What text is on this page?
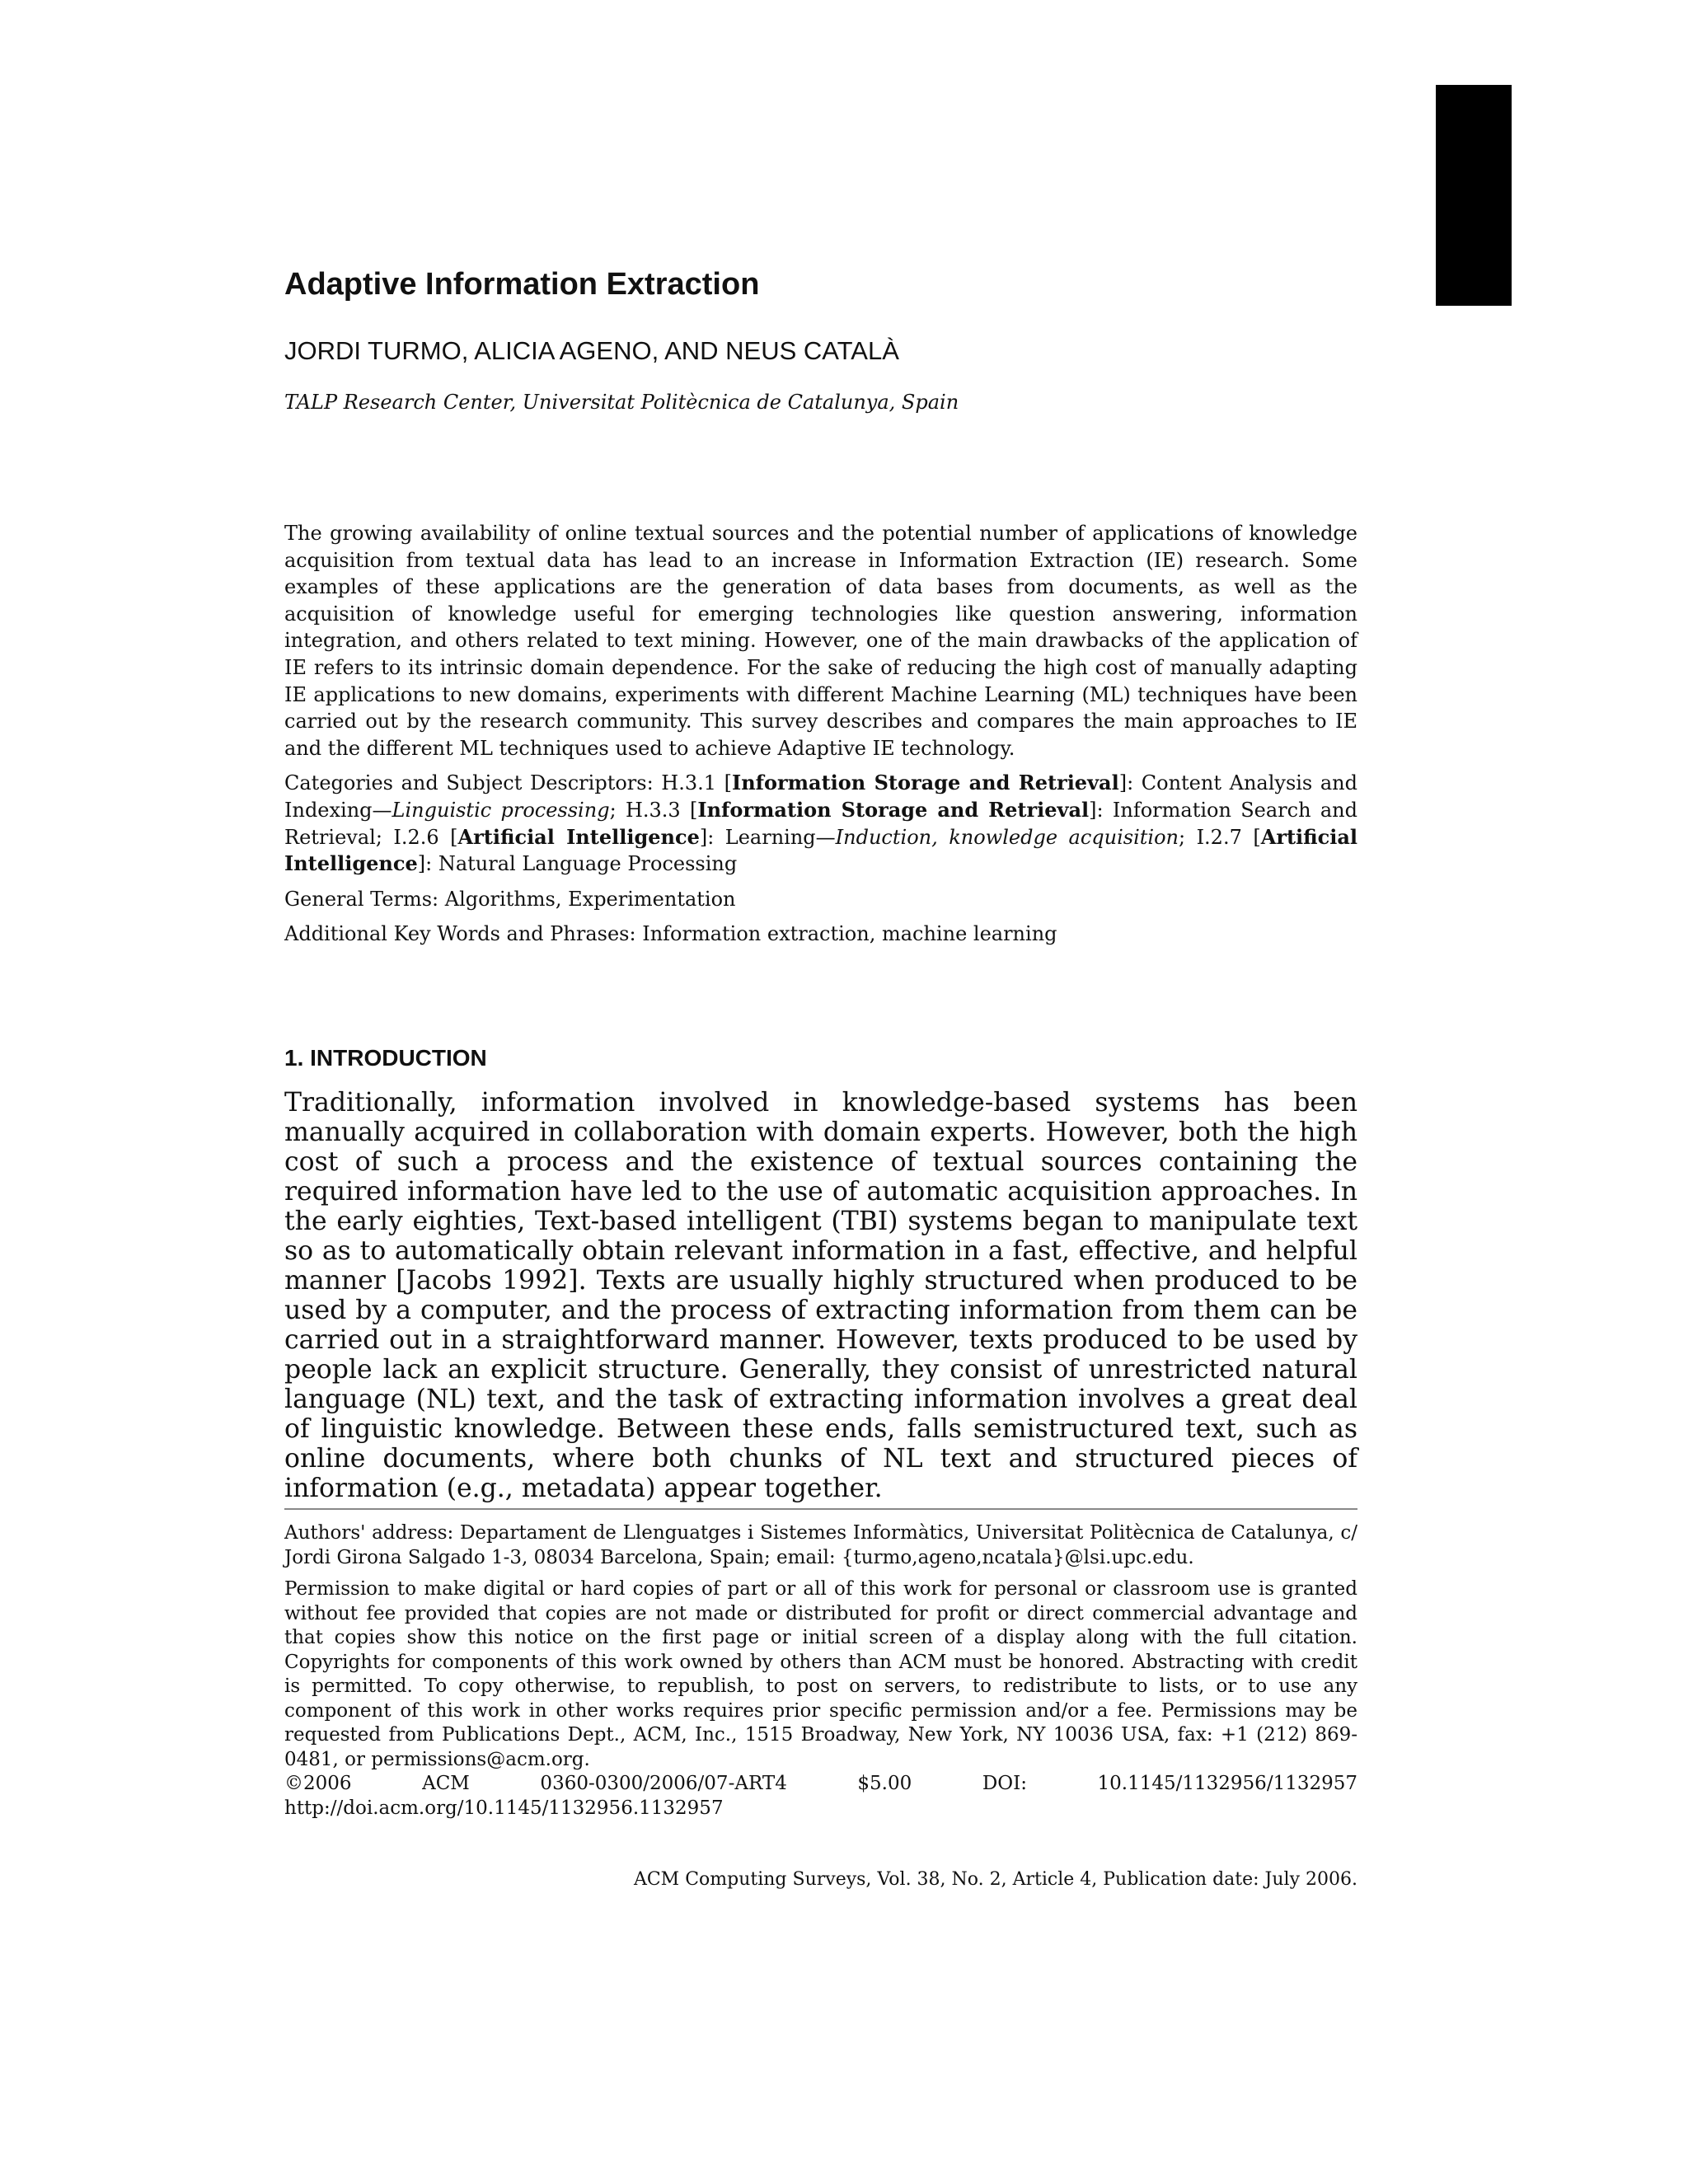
Adaptive Information Extraction
JORDI TURMO, ALICIA AGENO, AND NEUS CATALÀ
TALP Research Center, Universitat Politècnica de Catalunya, Spain

The growing availability of online textual sources and the potential number of applications of knowledge acquisition from textual data has lead to an increase in Information Extraction (IE) research. Some examples of these applications are the generation of data bases from documents, as well as the acquisition of knowledge useful for emerging technologies like question answering, information integration, and others related to text mining. However, one of the main drawbacks of the application of IE refers to its intrinsic domain dependence. For the sake of reducing the high cost of manually adapting IE applications to new domains, experiments with different Machine Learning (ML) techniques have been carried out by the research community. This survey describes and compares the main approaches to IE and the different ML techniques used to achieve Adaptive IE technology.

Categories and Subject Descriptors: H.3.1 [Information Storage and Retrieval]: Content Analysis and Indexing—Linguistic processing; H.3.3 [Information Storage and Retrieval]: Information Search and Retrieval; I.2.6 [Artificial Intelligence]: Learning—Induction, knowledge acquisition; I.2.7 [Artificial Intelligence]: Natural Language Processing

General Terms: Algorithms, Experimentation

Additional Key Words and Phrases: Information extraction, machine learning

1. INTRODUCTION

Traditionally, information involved in knowledge-based systems has been manually acquired in collaboration with domain experts. However, both the high cost of such a process and the existence of textual sources containing the required information have led to the use of automatic acquisition approaches. In the early eighties, Text-based intelligent (TBI) systems began to manipulate text so as to automatically obtain relevant information in a fast, effective, and helpful manner [Jacobs 1992]. Texts are usually highly structured when produced to be used by a computer, and the process of extracting information from them can be carried out in a straightforward manner. However, texts produced to be used by people lack an explicit structure. Generally, they consist of unrestricted natural language (NL) text, and the task of extracting information involves a great deal of linguistic knowledge. Between these ends, falls semistructured text, such as online documents, where both chunks of NL text and structured pieces of information (e.g., metadata) appear together.

Authors' address: Departament de Llenguatges i Sistemes Informàtics, Universitat Politècnica de Catalunya, c/ Jordi Girona Salgado 1-3, 08034 Barcelona, Spain; email: {turmo,ageno,ncatala}@lsi.upc.edu.

Permission to make digital or hard copies of part or all of this work for personal or classroom use is granted without fee provided that copies are not made or distributed for profit or direct commercial advantage and that copies show this notice on the first page or initial screen of a display along with the full citation. Copyrights for components of this work owned by others than ACM must be honored. Abstracting with credit is permitted. To copy otherwise, to republish, to post on servers, to redistribute to lists, or to use any component of this work in other works requires prior specific permission and/or a fee. Permissions may be requested from Publications Dept., ACM, Inc., 1515 Broadway, New York, NY 10036 USA, fax: +1 (212) 869-0481, or permissions@acm.org.

©2006 ACM 0360-0300/2006/07-ART4 $5.00 DOI: 10.1145/1132956/1132957 http://doi.acm.org/10.1145/1132956.1132957

ACM Computing Surveys, Vol. 38, No. 2, Article 4, Publication date: July 2006.
